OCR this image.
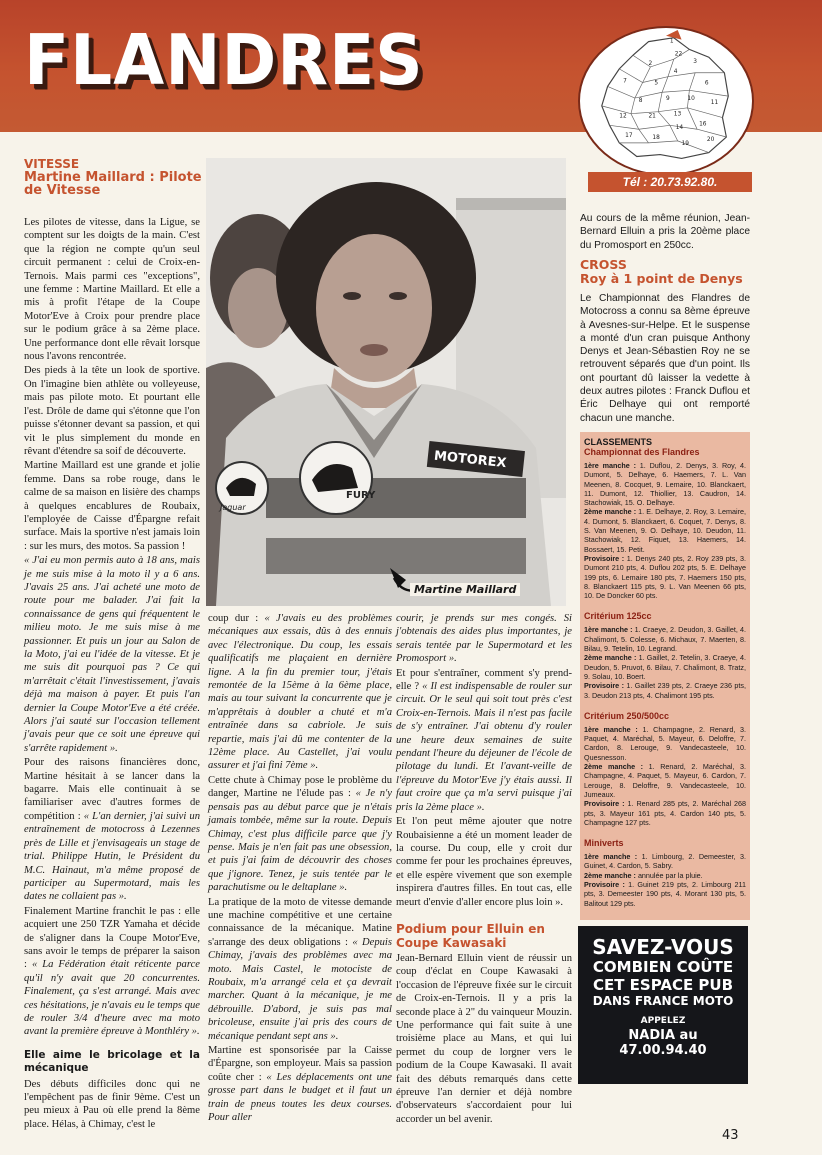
FLANDRES	1
22
2	3
4
7	5	6
8	9	10
11
12	21	13
14
16
17	18
19
20
Tél : 20.73.92.80.
VITESSE
Martine Maillard : Pilote de Vitesse

Les pilotes de vitesse, dans la Ligue, se comptent sur les doigts de la main. C'est que la région ne compte qu'un seul circuit permanent : celui de Croix-en-Ternois. Mais parmi ces "exceptions", une femme : Martine Maillard. Et elle a mis à profit l'étape de la Coupe Motor'Eve à Croix pour prendre place sur le podium grâce à sa 2ème place. Une performance dont elle rêvait lorsque nous l'avons rencontrée.

Des pieds à la tête un look de sportive. On l'imagine bien athlète ou volleyeuse, mais pas pilote moto. Et pourtant elle l'est. Drôle de dame qui s'étonne que l'on puisse s'étonner devant sa passion, et qui vit le plus simplement du monde en rêvant d'étendre sa soif de découverte.

Martine Maillard est une grande et jolie femme. Dans sa robe rouge, dans le calme de sa maison en lisière des champs à quelques encablures de Roubaix, l'employée de Caisse d'Épargne refait surface. Mais la sportive n'est jamais loin : sur les murs, des motos. Sa passion !

« J'ai eu mon permis auto à 18 ans, mais je me suis mise à la moto il y a 6 ans. J'avais 25 ans. J'ai acheté une moto de route pour me balader. J'ai fait la connaissance de gens qui fréquentent le milieu moto. Je me suis mise à me passionner. Et puis un jour au Salon de la Moto, j'ai eu l'idée de la vitesse. Et je me suis dit pourquoi pas ? Ce qui m'arrêtait c'était l'investissement, j'avais déjà ma maison à payer. Et puis l'an dernier la Coupe Motor'Eve a été créée. Alors j'ai sauté sur l'occasion tellement j'avais peur que ce soit une épreuve qui s'arrête rapidement ».

Pour des raisons financières donc, Martine hésitait à se lancer dans la bagarre. Mais elle continuait à se familiariser avec d'autres formes de compétition : « L'an dernier, j'ai suivi un entraînement de motocross à Lezennes près de Lille et j'envisageais un stage de trial. Philippe Hutin, le Président du M.C. Hainaut, m'a même proposé de participer au Supermotard, mais les dates ne collaient pas ».

Finalement Martine franchit le pas : elle acquiert une 250 TZR Yamaha et décide de s'aligner dans la Coupe Motor'Eve, sans avoir le temps de préparer la saison : « La Fédération était réticente parce qu'il n'y avait que 20 concurrentes. Finalement, ça s'est arrangé. Mais avec ces hésitations, je n'avais eu le temps que de rouler 3/4 d'heure avec ma moto avant la première épreuve à Monthléry ».

Elle aime le bricolage et la mécanique

Des débuts difficiles donc qui ne l'empêchent pas de finir 9ème. C'est un peu mieux à Pau où elle prend la 8ème place. Hélas, à Chimay, c'est le

FURY
Jaguar
MOTOREX
Martine Maillard

coup dur : « J'avais eu des problèmes mécaniques aux essais, dûs à des ennuis avec l'électronique. Du coup, les essais qualificatifs me plaçaient en dernière ligne. A la fin du premier tour, j'étais remontée de la 15ème à la 6ème place, mais au tour suivant la concurrente que je m'apprêtais à doubler a chuté et m'a entraînée dans sa cabriole. Je suis repartie, mais j'ai dû me contenter de la 12ème place. Au Castellet, j'ai voulu assurer et j'ai fini 7ème ».

Cette chute à Chimay pose le problème du danger, Martine ne l'élude pas : « Je n'y pensais pas au début parce que je n'étais jamais tombée, même sur la route. Depuis Chimay, c'est plus difficile parce que j'y pense. Mais je n'en fait pas une obsession, et puis j'ai faim de découvrir des choses que j'ignore. Tenez, je suis tentée par le parachutisme ou le deltaplane ».

La pratique de la moto de vitesse demande une machine compétitive et une certaine connaissance de la mécanique. Matine s'arrange des deux obligations : « Depuis Chimay, j'avais des problèmes avec ma moto. Mais Castel, le motociste de Roubaix, m'a arrangé cela et ça devrait marcher. Quant à la mécanique, je me débrouille. D'abord, je suis pas mal bricoleuse, ensuite j'ai pris des cours de mécanique pendant sept ans ».

Martine est sponsorisée par la Caisse d'Épargne, son employeur. Mais sa passion coûte cher : « Les déplacements ont une grosse part dans le budget et il faut un train de pneus toutes les deux courses. Pour aller

courir, je prends sur mes congés. Si j'obtenais des aides plus importantes, je serais tentée par le Supermotard et les Promosport ».

Et pour s'entraîner, comment s'y prend-elle ? « Il est indispensable de rouler sur circuit. Or le seul qui soit tout près c'est Croix-en-Ternois. Mais il n'est pas facile de s'y entraîner. J'ai obtenu d'y rouler une heure deux semaines de suite pendant l'heure du déjeuner de l'école de pilotage du lundi. Et l'avant-veille de l'épreuve du Motor'Eve j'y étais aussi. Il faut croire que ça m'a servi puisque j'ai pris la 2ème place ».

Et l'on peut même ajouter que notre Roubaisienne a été un moment leader de la course. Du coup, elle y croit dur comme fer pour les prochaines épreuves, et elle espère vivement que son exemple inspirera d'autres filles. En tout cas, elle meurt d'envie d'aller encore plus loin ».

Podium pour Elluin en Coupe Kawasaki

Jean-Bernard Elluin vient de réussir un coup d'éclat en Coupe Kawasaki à l'occasion de l'épreuve fixée sur le circuit de Croix-en-Ternois. Il y a pris la seconde place à 2" du vainqueur Mouzin. Une performance qui fait suite à une troisième place au Mans, et qui lui permet du coup de lorgner vers le podium de la Coupe Kawasaki. Il avait fait des débuts remarqués dans cette épreuve l'an dernier et déjà nombre d'observateurs s'accordaient pour lui accorder un bel avenir.

Au cours de la même réunion, Jean-Bernard Elluin a pris la 20ème place du Promosport en 250cc.

CROSS
Roy à 1 point de Denys

Le Championnat des Flandres de Motocross a connu sa 8ème épreuve à Avesnes-sur-Helpe. Et le suspense a monté d'un cran puisque Anthony Denys et Jean-Sébastien Roy ne se retrouvent séparés que d'un point. Ils ont pourtant dû laisser la vedette à deux autres pilotes : Franck Duflou et Éric Delhaye qui ont remporté chacun une manche.

CLASSEMENTS
Championnat des Flandres

1ère manche : 1. Duflou, 2. Denys, 3. Roy, 4. Dumont, 5. Delhaye, 6. Haemers, 7. L. Van Meenen, 8. Cocquet, 9. Lemaire, 10. Blanckaert, 11. Dumont, 12. Thiollier, 13. Caudron, 14. Stachowiak, 15. O. Delhaye.

2ème manche : 1. E. Delhaye, 2. Roy, 3. Lemaire, 4. Dumont, 5. Blanckaert, 6. Coquet, 7. Denys, 8. S. Van Meenen, 9. O. Delhaye, 10. Deudon, 11. Stachowiak, 12. Fiquet, 13. Haemers, 14. Bossaert, 15. Petit.

Provisoire : 1. Denys 240 pts, 2. Roy 239 pts, 3. Dumont 210 pts, 4. Duflou 202 pts, 5. E. Delhaye 199 pts, 6. Lemaire 180 pts, 7. Haemers 150 pts, 8. Blanckaert 115 pts, 9. L. Van Meenen 66 pts, 10. De Doncker 60 pts.

Critérium 125cc

1ère manche : 1. Craeye, 2. Deudon, 3. Gaillet, 4. Chalimont, 5. Colesse, 6. Michaux, 7. Maerten, 8. Bilau, 9. Tetelin, 10. Legrand.

2ème manche : 1. Gaillet, 2. Tetelin, 3. Craeye, 4. Deudon, 5. Pruvot, 6. Bilau, 7. Chalimont, 8. Tratz, 9. Solau, 10. Boert.

Provisoire : 1. Gaillet 239 pts, 2. Craeye 236 pts, 3. Deudon 213 pts, 4. Chalimont 195 pts.

Critérium 250/500cc

1ère manche : 1. Champagne, 2. Renard, 3. Paquet, 4. Maréchal, 5. Mayeur, 6. Deloffre, 7. Cardon, 8. Lerouge, 9. Vandecasteele, 10. Quesnesson.

2ème manche : 1. Renard, 2. Maréchal, 3. Champagne, 4. Paquet, 5. Mayeur, 6. Cardon, 7. Lerouge, 8. Deloffre, 9. Vandecasteele, 10. Jumeaux.

Provisoire : 1. Renard 285 pts, 2. Maréchal 268 pts, 3. Mayeur 161 pts, 4. Cardon 140 pts, 5. Champagne 127 pts.

Miniverts

1ère manche : 1. Limbourg, 2. Demeester, 3. Guinet, 4. Cardon, 5. Sabry.

2ème manche : annulée par la pluie.

Provisoire : 1. Guinet 219 pts, 2. Limbourg 211 pts, 3. Demeester 190 pts, 4. Morant 130 pts, 5. Balitout 129 pts.

SAVEZ-VOUS
COMBIEN COÛTE
CET ESPACE PUB
DANS FRANCE MOTO
APPELEZ
NADIA au
47.00.94.40
43
